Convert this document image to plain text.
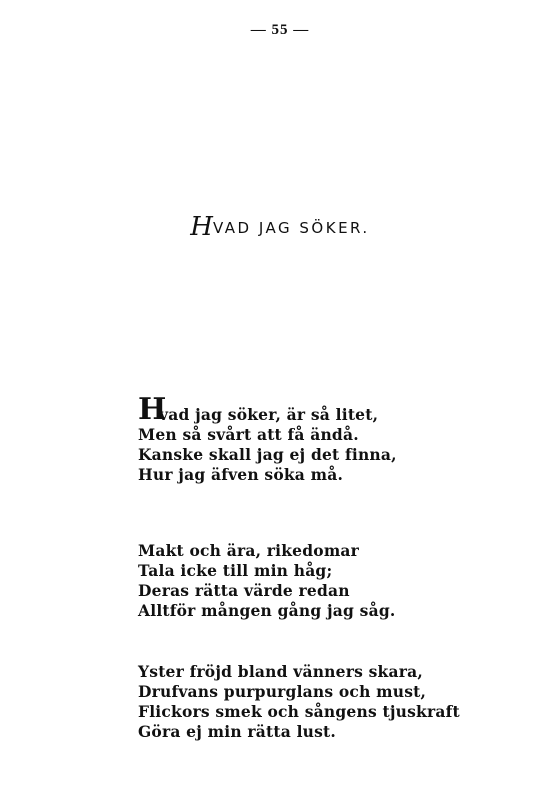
— 55 —
HVAD JAG SÖKER.
H
vad jag söker, är så litet,
Men så svårt att få ändå.
Kanske skall jag ej det finna,
Hur jag äfven söka må.
Makt och ära, rikedomar
Tala icke till min håg;
Deras rätta värde redan
Alltför mången gång jag såg.
Yster fröjd bland vänners skara,
Drufvans purpurglans och must,
Flickors smek och sångens tjuskraft
Göra ej min rätta lust.
